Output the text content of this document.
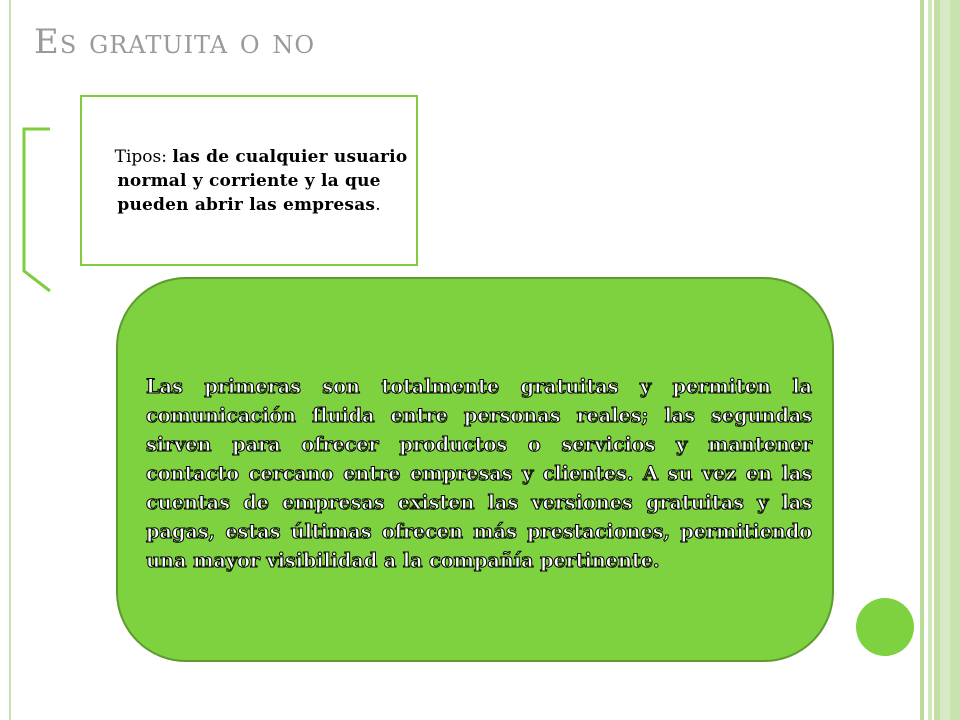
Es gratuita o no
Tipos: las de cualquier usuario normal y corriente y la que pueden abrir las empresas.
Las primeras son totalmente gratuitas y permiten la comunicación fluida entre personas reales; las segundas sirven para ofrecer productos o servicios y mantener contacto cercano entre empresas y clientes. A su vez en las cuentas de empresas existen las versiones gratuitas y las pagas, estas últimas ofrecen más prestaciones, permitiendo una mayor visibilidad a la compañía pertinente.
